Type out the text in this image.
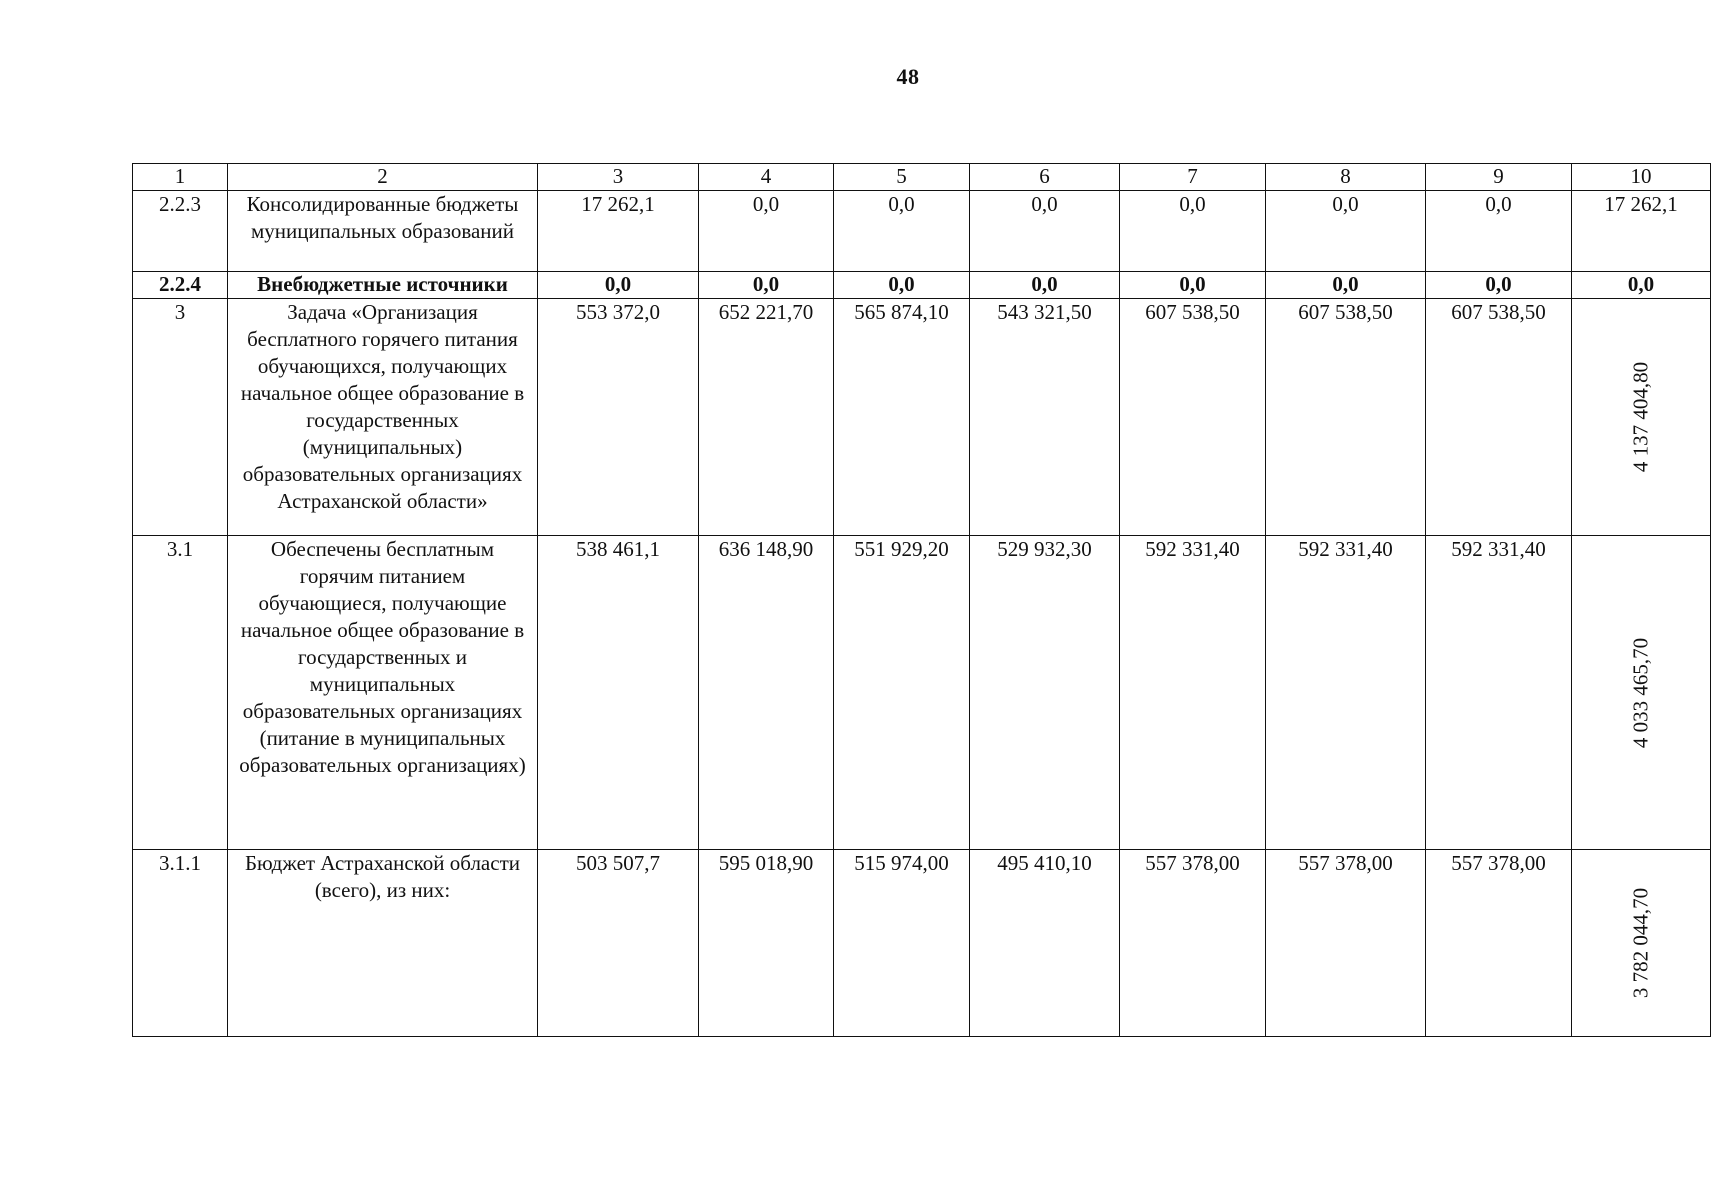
48
1	2	3	4	5	6	7	8	9	10
2.2.3	Консолидированные бюджеты муниципальных образований	17 262,1	0,0	0,0	0,0	0,0	0,0	0,0	17 262,1
2.2.4	Внебюджетные источники	0,0	0,0	0,0	0,0	0,0	0,0	0,0	0,0
3	Задача «Организация бесплатного горячего питания обучающихся, получающих начальное общее образование в государственных (муниципальных) образовательных организациях Астраханской области»	553 372,0	652 221,70	565 874,10	543 321,50	607 538,50	607 538,50	607 538,50	4 137 404,80

3.1	Обеспечены бесплатным горячим питанием обучающиеся, получающие начальное общее образование в государственных и муниципальных образовательных организациях (питание в муниципальных образовательных организациях)	538 461,1	636 148,90	551 929,20	529 932,30	592 331,40	592 331,40	592 331,40	4 033 465,70

3.1.1	Бюджет Астраханской области (всего), из них:	503 507,7	595 018,90	515 974,00	495 410,10	557 378,00	557 378,00	557 378,00	3 782 044,70
